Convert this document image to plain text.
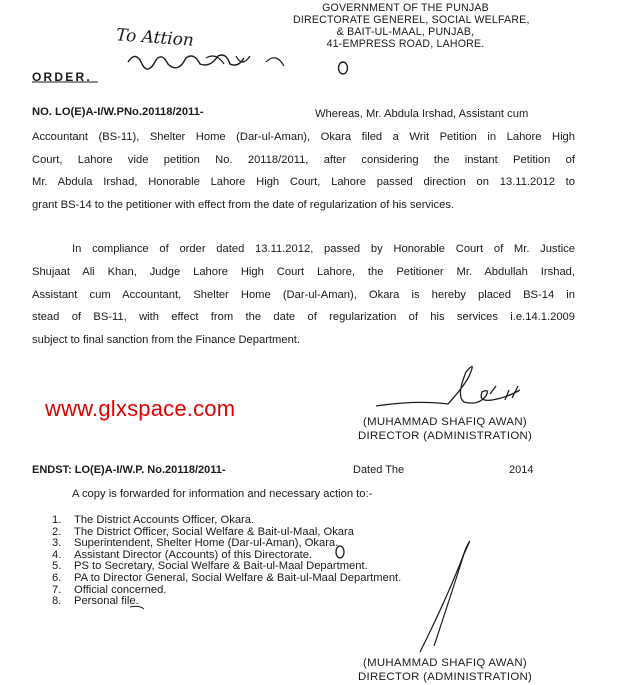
GOVERNMENT OF THE PUNJAB
DIRECTORATE GENEREL, SOCIAL WELFARE,
& BAIT-UL-MAAL, PUNJAB,
41-EMPRESS ROAD, LAHORE.
To Attion
ORDER.
NO. LO(E)A-I/W.PNo.20118/2011-	Whereas, Mr. Abdula Irshad, Assistant cum
Accountant (BS-11), Shelter Home (Dar-ul-Aman), Okara filed a Writ Petition in Lahore High
Court, Lahore vide petition No. 20118/2011, after considering the instant Petition of
Mr. Abdula Irshad, Honorable Lahore High Court, Lahore passed direction on 13.11.2012 to
grant BS-14 to the petitioner with effect from the date of regularization of his services.
In compliance of order dated 13.11.2012, passed by Honorable Court of Mr. Justice
Shujaat Ali Khan, Judge Lahore High Court Lahore, the Petitioner Mr. Abdullah Irshad,
Assistant cum Accountant, Shelter Home (Dar-ul-Aman), Okara is hereby placed BS-14 in
stead of BS-11, with effect from the date of regularization of his services i.e.14.1.2009
subject to final sanction from the Finance Department.
www.glxspace.com
(MUHAMMAD SHAFIQ AWAN)
DIRECTOR (ADMINISTRATION)
ENDST: LO(E)A-I/W.P. No.20118/2011-	Dated The	2014
A copy is forwarded for information and necessary action to:-
1. The District Accounts Officer, Okara.
2. The District Officer, Social Welfare & Bait-ul-Maal, Okara
3. Superintendent, Shelter Home (Dar-ul-Aman), Okara.
4. Assistant Director (Accounts) of this Directorate.
5. PS to Secretary, Social Welfare & Bait-ul-Maal Department.
6. PA to Director General, Social Welfare & Bait-ul-Maal Department.
7. Official concerned.
8. Personal file.
(MUHAMMAD SHAFIQ AWAN)
DIRECTOR (ADMINISTRATION)
